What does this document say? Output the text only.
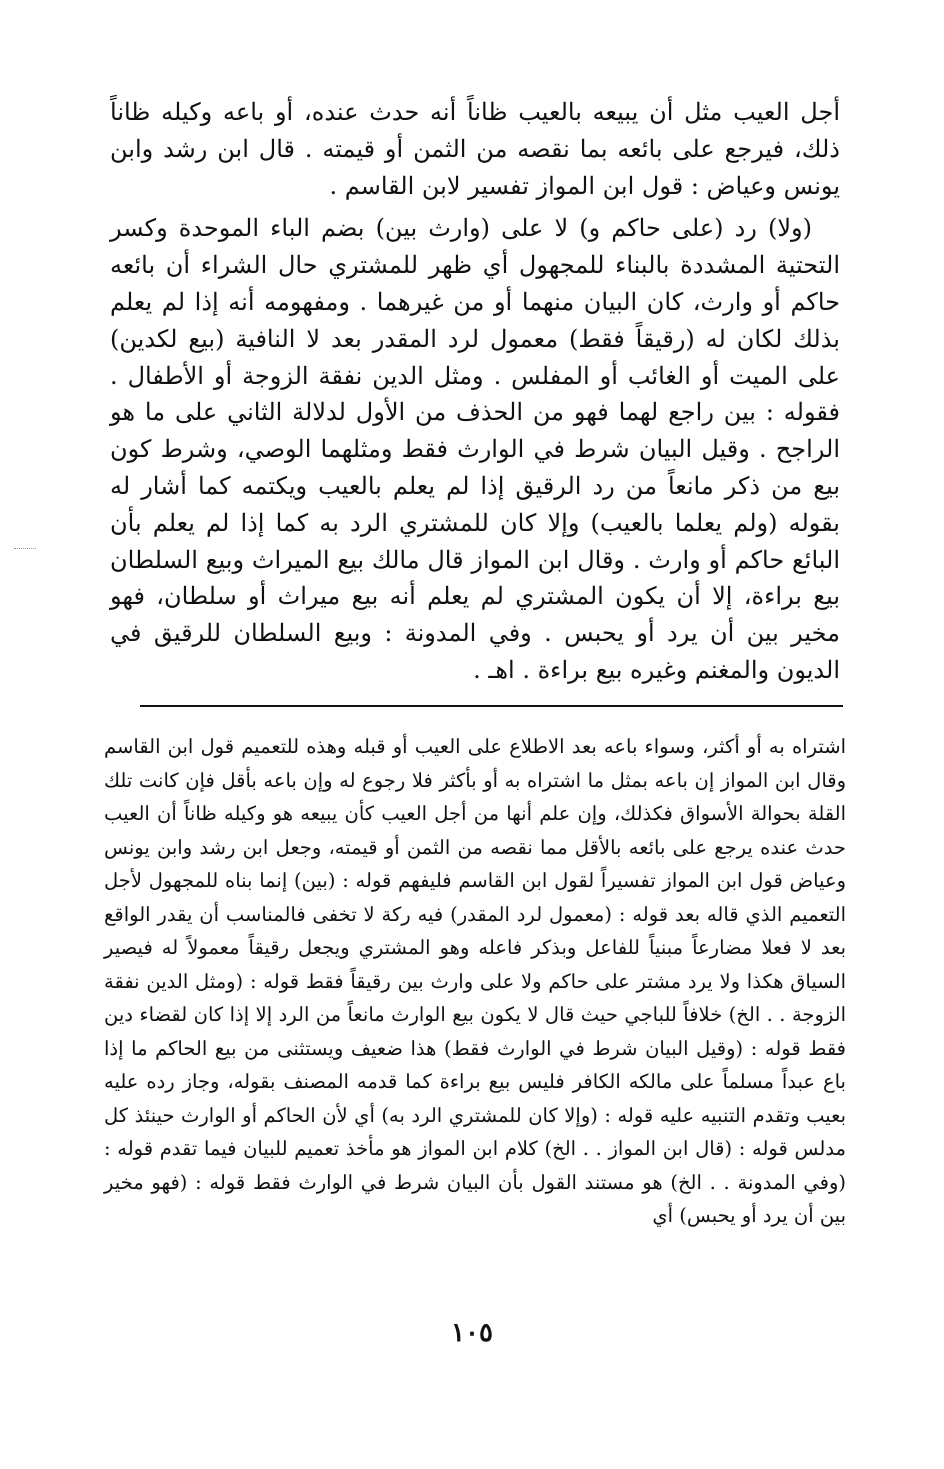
أجل العيب مثل أن يبيعه بالعيب ظاناً أنه حدث عنده، أو باعه وكيله ظاناً ذلك، فيرجع على بائعه بما نقصه من الثمن أو قيمته . قال ابن رشد وابن يونس وعياض : قول ابن المواز تفسير لابن القاسم .

(ولا) رد (على حاكم و) لا على (وارث بين) بضم الباء الموحدة وكسر التحتية المشددة بالبناء للمجهول أي ظهر للمشتري حال الشراء أن بائعه حاكم أو وارث، كان البيان منهما أو من غيرهما . ومفهومه أنه إذا لم يعلم بذلك لكان له (رقيقاً فقط) معمول لرد المقدر بعد لا النافية (بيع لكدين) على الميت أو الغائب أو المفلس . ومثل الدين نفقة الزوجة أو الأطفال . فقوله : بين راجع لهما فهو من الحذف من الأول لدلالة الثاني على ما هو الراجح . وقيل البيان شرط في الوارث فقط ومثلهما الوصي، وشرط كون بيع من ذكر مانعاً من رد الرقيق إذا لم يعلم بالعيب ويكتمه كما أشار له بقوله (ولم يعلما بالعيب) وإلا كان للمشتري الرد به كما إذا لم يعلم بأن البائع حاكم أو وارث . وقال ابن المواز قال مالك بيع الميراث وبيع السلطان بيع براءة، إلا أن يكون المشتري لم يعلم أنه بيع ميراث أو سلطان، فهو مخير بين أن يرد أو يحبس . وفي المدونة : وبيع السلطان للرقيق في الديون والمغنم وغيره بيع براءة . اهـ .

اشتراه به أو أكثر، وسواء باعه بعد الاطلاع على العيب أو قبله وهذه للتعميم قول ابن القاسم وقال ابن المواز إن باعه بمثل ما اشتراه به أو بأكثر فلا رجوع له وإن باعه بأقل فإن كانت تلك القلة بحوالة الأسواق فكذلك، وإن علم أنها من أجل العيب كأن يبيعه هو وكيله ظاناً أن العيب حدث عنده يرجع على بائعه بالأقل مما نقصه من الثمن أو قيمته، وجعل ابن رشد وابن يونس وعياض قول ابن المواز تفسيراً لقول ابن القاسم فليفهم قوله : (بين) إنما بناه للمجهول لأجل التعميم الذي قاله بعد قوله : (معمول لرد المقدر) فيه ركة لا تخفى فالمناسب أن يقدر الواقع بعد لا فعلا مضارعاً مبنياً للفاعل وبذكر فاعله وهو المشتري ويجعل رقيقاً معمولاً له فيصير السياق هكذا ولا يرد مشتر على حاكم ولا على وارث بين رقيقاً فقط قوله : (ومثل الدين نفقة الزوجة . . الخ) خلافاً للباجي حيث قال لا يكون بيع الوارث مانعاً من الرد إلا إذا كان لقضاء دين فقط قوله : (وقيل البيان شرط في الوارث فقط) هذا ضعيف ويستثنى من بيع الحاكم ما إذا باع عبداً مسلماً على مالكه الكافر فليس بيع براءة كما قدمه المصنف بقوله، وجاز رده عليه بعيب وتقدم التنبيه عليه قوله : (وإلا كان للمشتري الرد به) أي لأن الحاكم أو الوارث حينئذ كل مدلس قوله : (قال ابن المواز . . الخ) كلام ابن المواز هو مأخذ تعميم للبيان فيما تقدم قوله : (وفي المدونة . . الخ) هو مستند القول بأن البيان شرط في الوارث فقط قوله : (فهو مخير بين أن يرد أو يحبس) أي

١٠٥
